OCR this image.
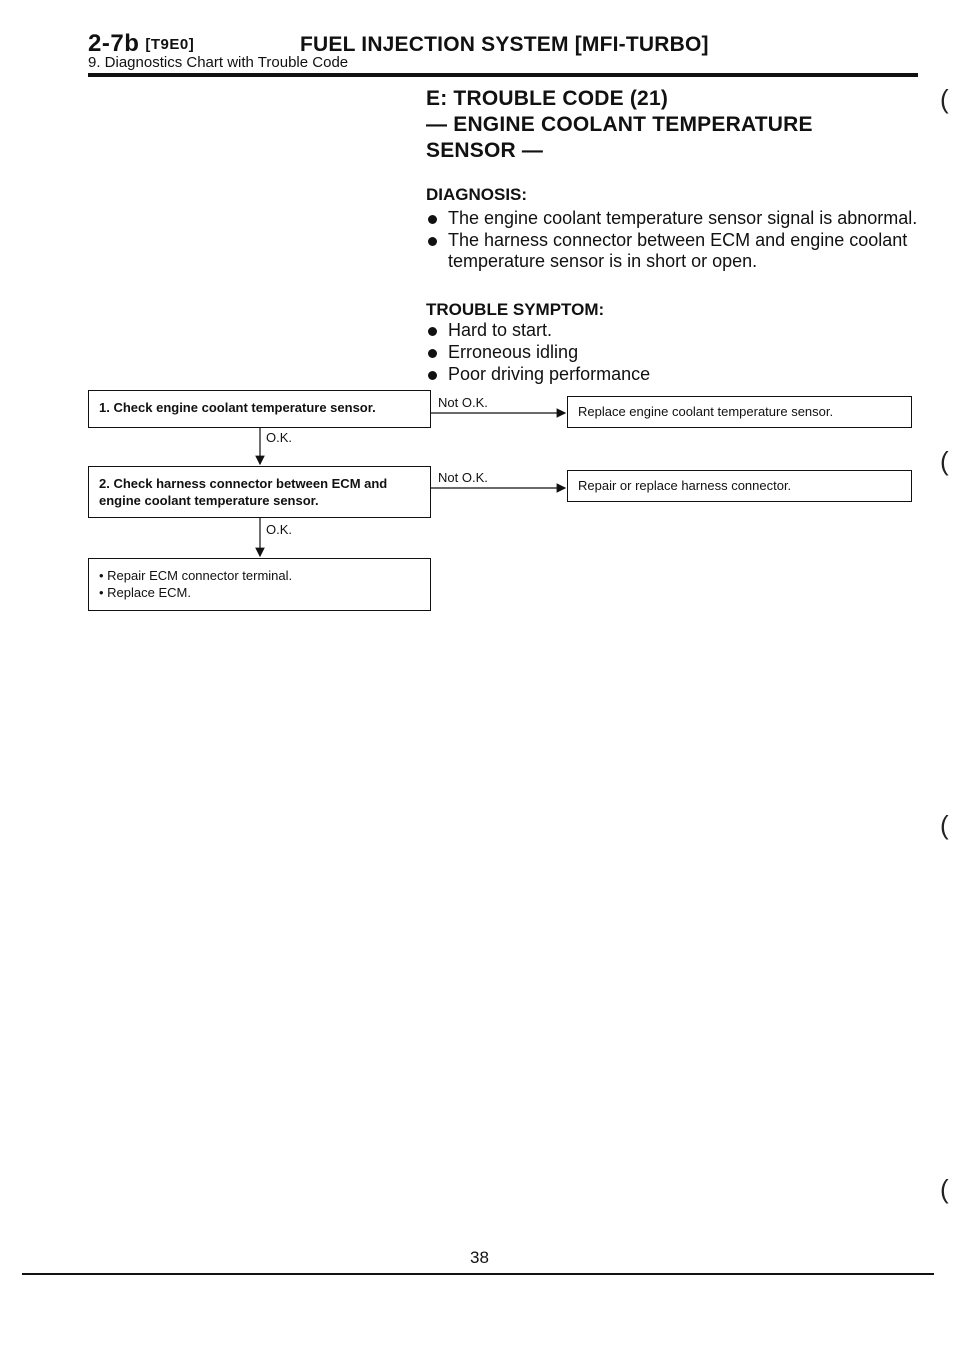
2-7b [T9E0]	FUEL INJECTION SYSTEM [MFI-TURBO]
9. Diagnostics Chart with Trouble Code
(
(
(
(
E: TROUBLE CODE (21)
— ENGINE COOLANT TEMPERATURE
SENSOR —
DIAGNOSIS:
The engine coolant temperature sensor signal is abnormal.
The harness connector between ECM and engine coolant temperature sensor is in short or open.
TROUBLE SYMPTOM:
Hard to start.
Erroneous idling
Poor driving performance
1. Check engine coolant temperature sensor.
2. Check harness connector between ECM and engine coolant temperature sensor.
• Repair ECM connector terminal.
• Replace ECM.
Replace engine coolant temperature sensor.
Repair or replace harness connector.
O.K.
O.K.
Not O.K.
Not O.K.
38
